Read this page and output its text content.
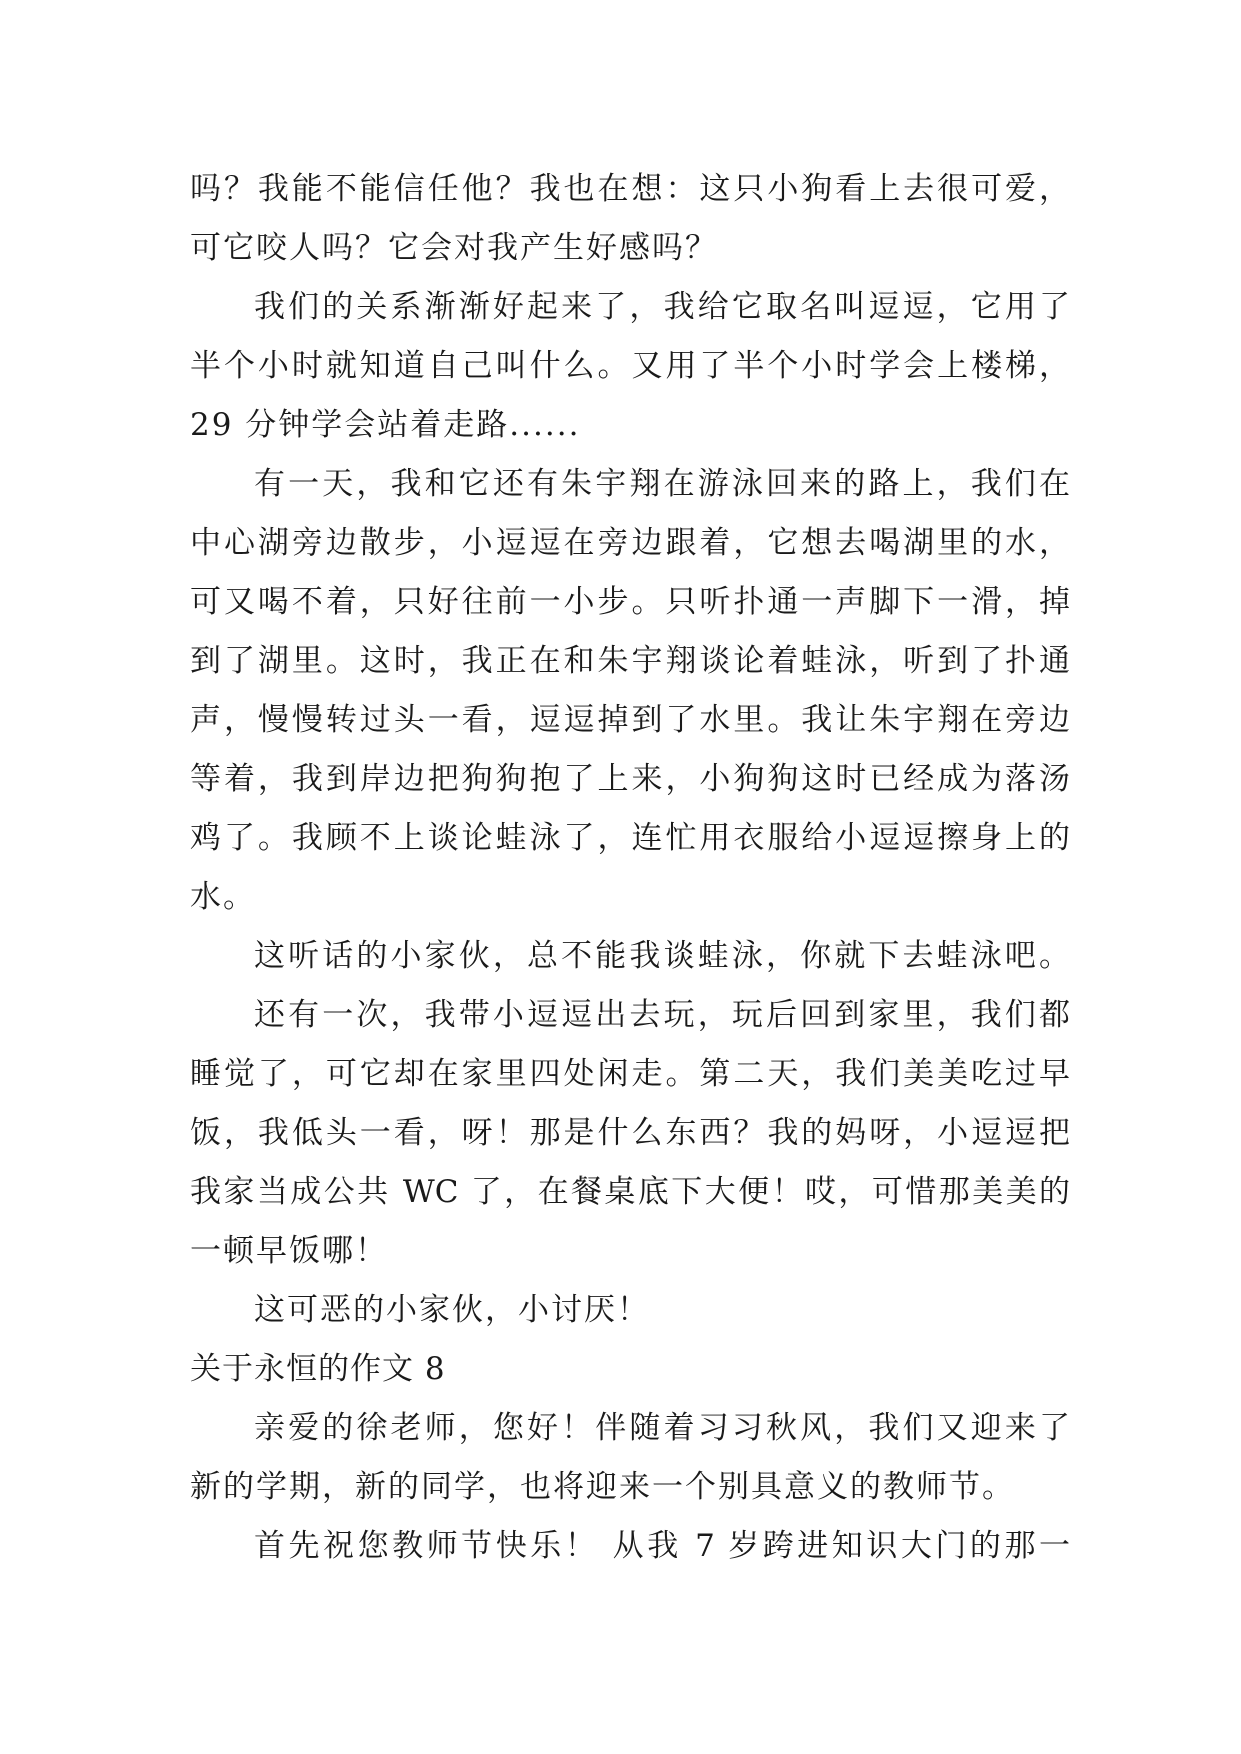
吗？我能不能信任他？我也在想：这只小狗看上去很可爱，
可它咬人吗？它会对我产生好感吗？
我们的关系渐渐好起来了，我给它取名叫逗逗，它用了
半个小时就知道自己叫什么。又用了半个小时学会上楼梯，
29 分钟学会站着走路......
有一天，我和它还有朱宇翔在游泳回来的路上，我们在
中心湖旁边散步，小逗逗在旁边跟着，它想去喝湖里的水，
可又喝不着，只好往前一小步。只听扑通一声脚下一滑，掉
到了湖里。这时，我正在和朱宇翔谈论着蛙泳，听到了扑通
声，慢慢转过头一看，逗逗掉到了水里。我让朱宇翔在旁边
等着，我到岸边把狗狗抱了上来，小狗狗这时已经成为落汤
鸡了。我顾不上谈论蛙泳了，连忙用衣服给小逗逗擦身上的
水。
这听话的小家伙，总不能我谈蛙泳，你就下去蛙泳吧。
还有一次，我带小逗逗出去玩，玩后回到家里，我们都
睡觉了，可它却在家里四处闲走。第二天，我们美美吃过早
饭，我低头一看，呀！那是什么东西？我的妈呀，小逗逗把
我家当成公共 WC 了，在餐桌底下大便！哎，可惜那美美的
一顿早饭哪！
这可恶的小家伙，小讨厌！
关于永恒的作文 8
亲爱的徐老师，您好！伴随着习习秋风，我们又迎来了
新的学期，新的同学，也将迎来一个别具意义的教师节。
首先祝您教师节快乐！ 从我 7 岁跨进知识大门的那一
